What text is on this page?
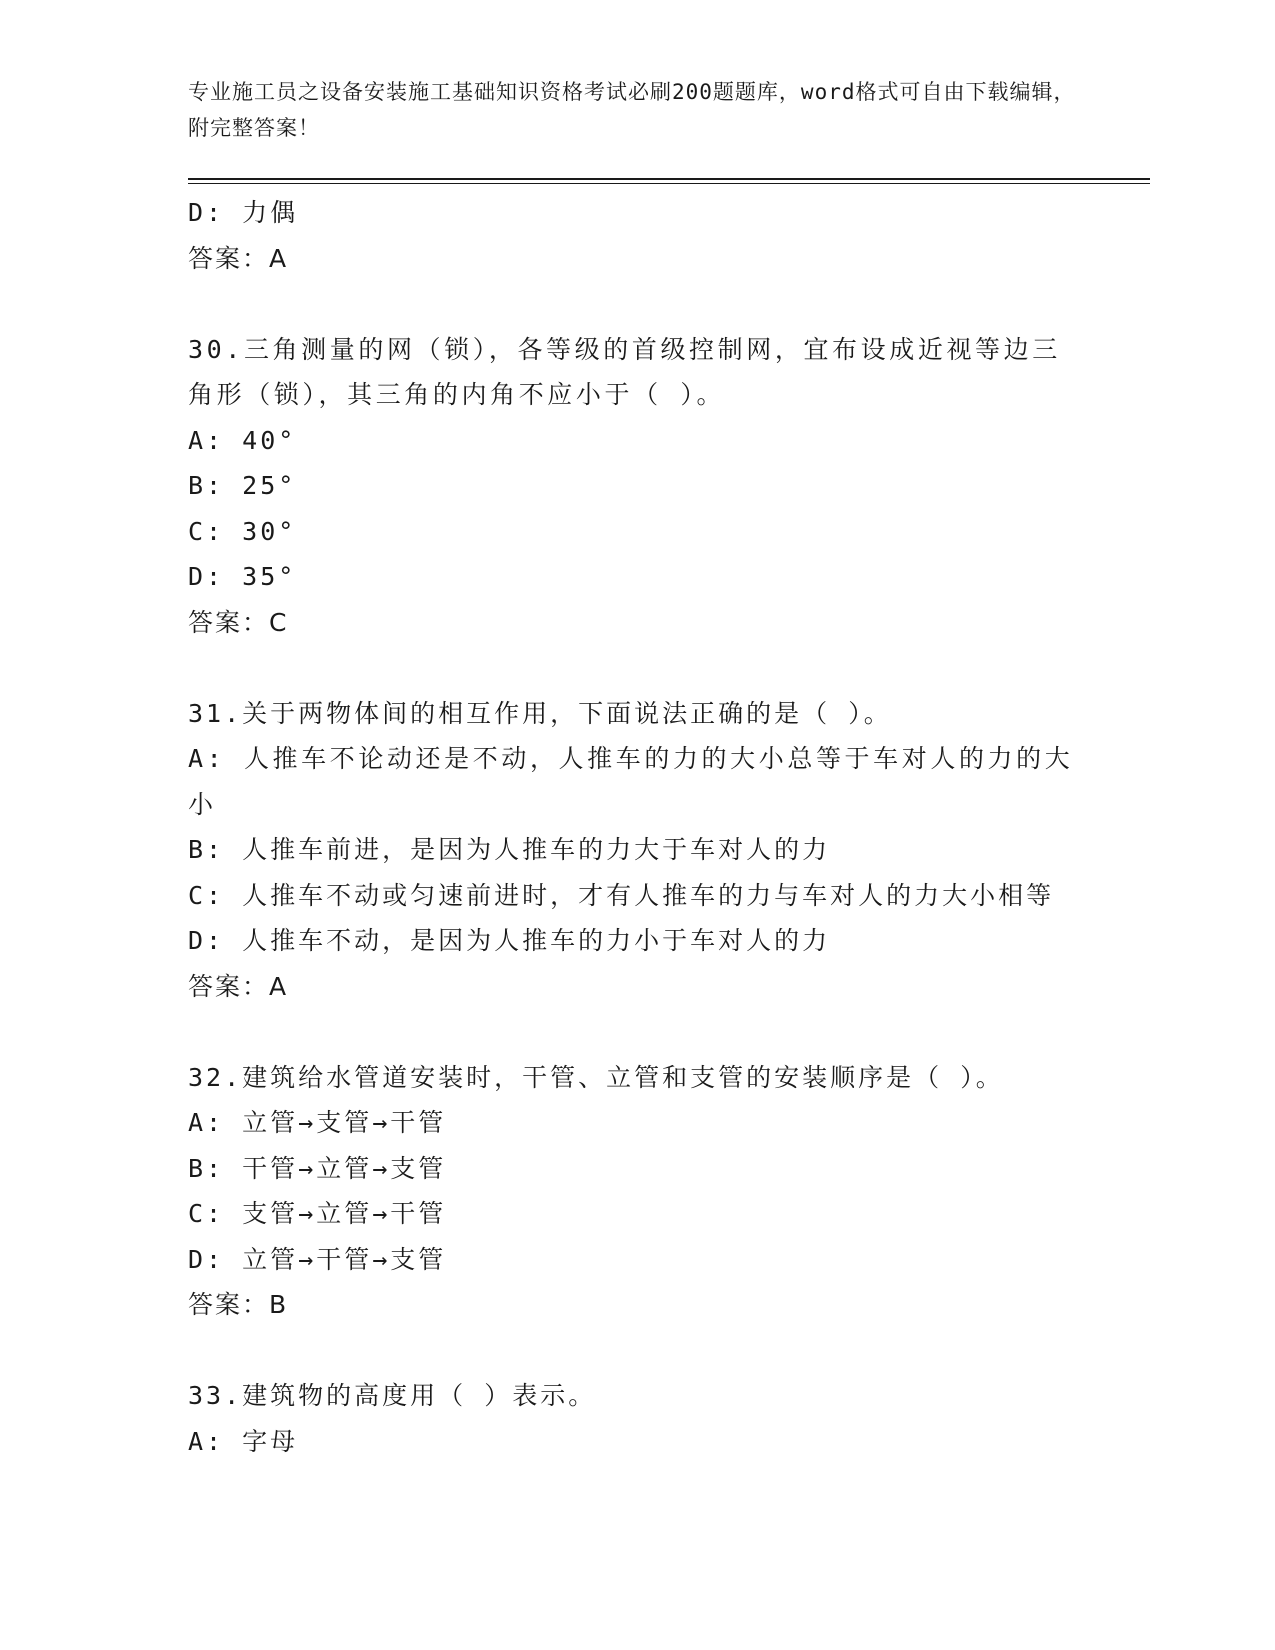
专业施工员之设备安装施工基础知识资格考试必刷200题题库，word格式可自由下载编辑，附完整答案！
D: 力偶
答案：A
30.三角测量的网（锁），各等级的首级控制网，宜布设成近视等边三角形（锁），其三角的内角不应小于（ ）。
A: 40°
B: 25°
C: 30°
D: 35°
答案：C
31.关于两物体间的相互作用，下面说法正确的是（ ）。
A: 人推车不论动还是不动，人推车的力的大小总等于车对人的力的大小
B: 人推车前进，是因为人推车的力大于车对人的力
C: 人推车不动或匀速前进时，才有人推车的力与车对人的力大小相等
D: 人推车不动，是因为人推车的力小于车对人的力
答案：A
32.建筑给水管道安装时，干管、立管和支管的安装顺序是（ ）。
A: 立管→支管→干管
B: 干管→立管→支管
C: 支管→立管→干管
D: 立管→干管→支管
答案：B
33.建筑物的高度用（ ）表示。
A: 字母
